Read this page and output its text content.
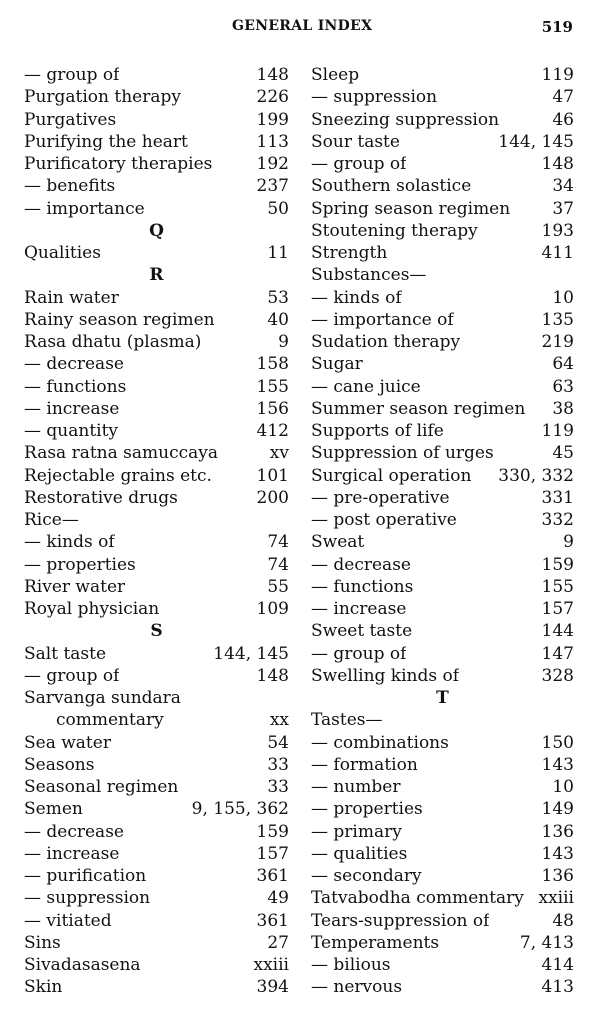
GENERAL INDEX	519
— group of	148
Purgation therapy	226
Purgatives	199
Purifying the heart	113
Purificatory therapies	192
— benefits	237
— importance	50
Q
Qualities	11
R
Rain water	53
Rainy season regimen	40
Rasa dhatu (plasma)	9
— decrease	158
— functions	155
— increase	156
— quantity	412
Rasa ratna samuccaya	xv
Rejectable grains etc.	101
Restorative drugs	200
Rice—
— kinds of	74
— properties	74
River water	55
Royal physician	109
S
Salt taste	144, 145
— group of	148
Sarvanga sundara
commentary	xx
Sea water	54
Seasons	33
Seasonal regimen	33
Semen	9, 155, 362
— decrease	159
— increase	157
— purification	361
— suppression	49
— vitiated	361
Sins	27
Sivadasasena	xxiii
Skin	394
Sleep	119
— suppression	47
Sneezing suppression	46
Sour taste	144, 145
— group of	148
Southern solastice	34
Spring season regimen 37
Stoutening therapy	193
Strength	411
Substances—
— kinds of	10
— importance of	135
Sudation therapy	219
Sugar	64
— cane juice	63
Summer season regimen 38
Supports of life	119
Suppression of urges	45
Surgical operation 330, 332
— pre-operative	331
— post operative	332
Sweat	9
— decrease	159
— functions	155
— increase	157
Sweet taste	144
— group of	147
Swelling kinds of	328
T
Tastes—
— combinations	150
— formation	143
— number	10
— properties	149
— primary	136
— qualities	143
— secondary	136
Tatvabodha commentary xxiii
Tears-suppression of	48
Temperaments	7, 413
— bilious	414
— nervous	413
